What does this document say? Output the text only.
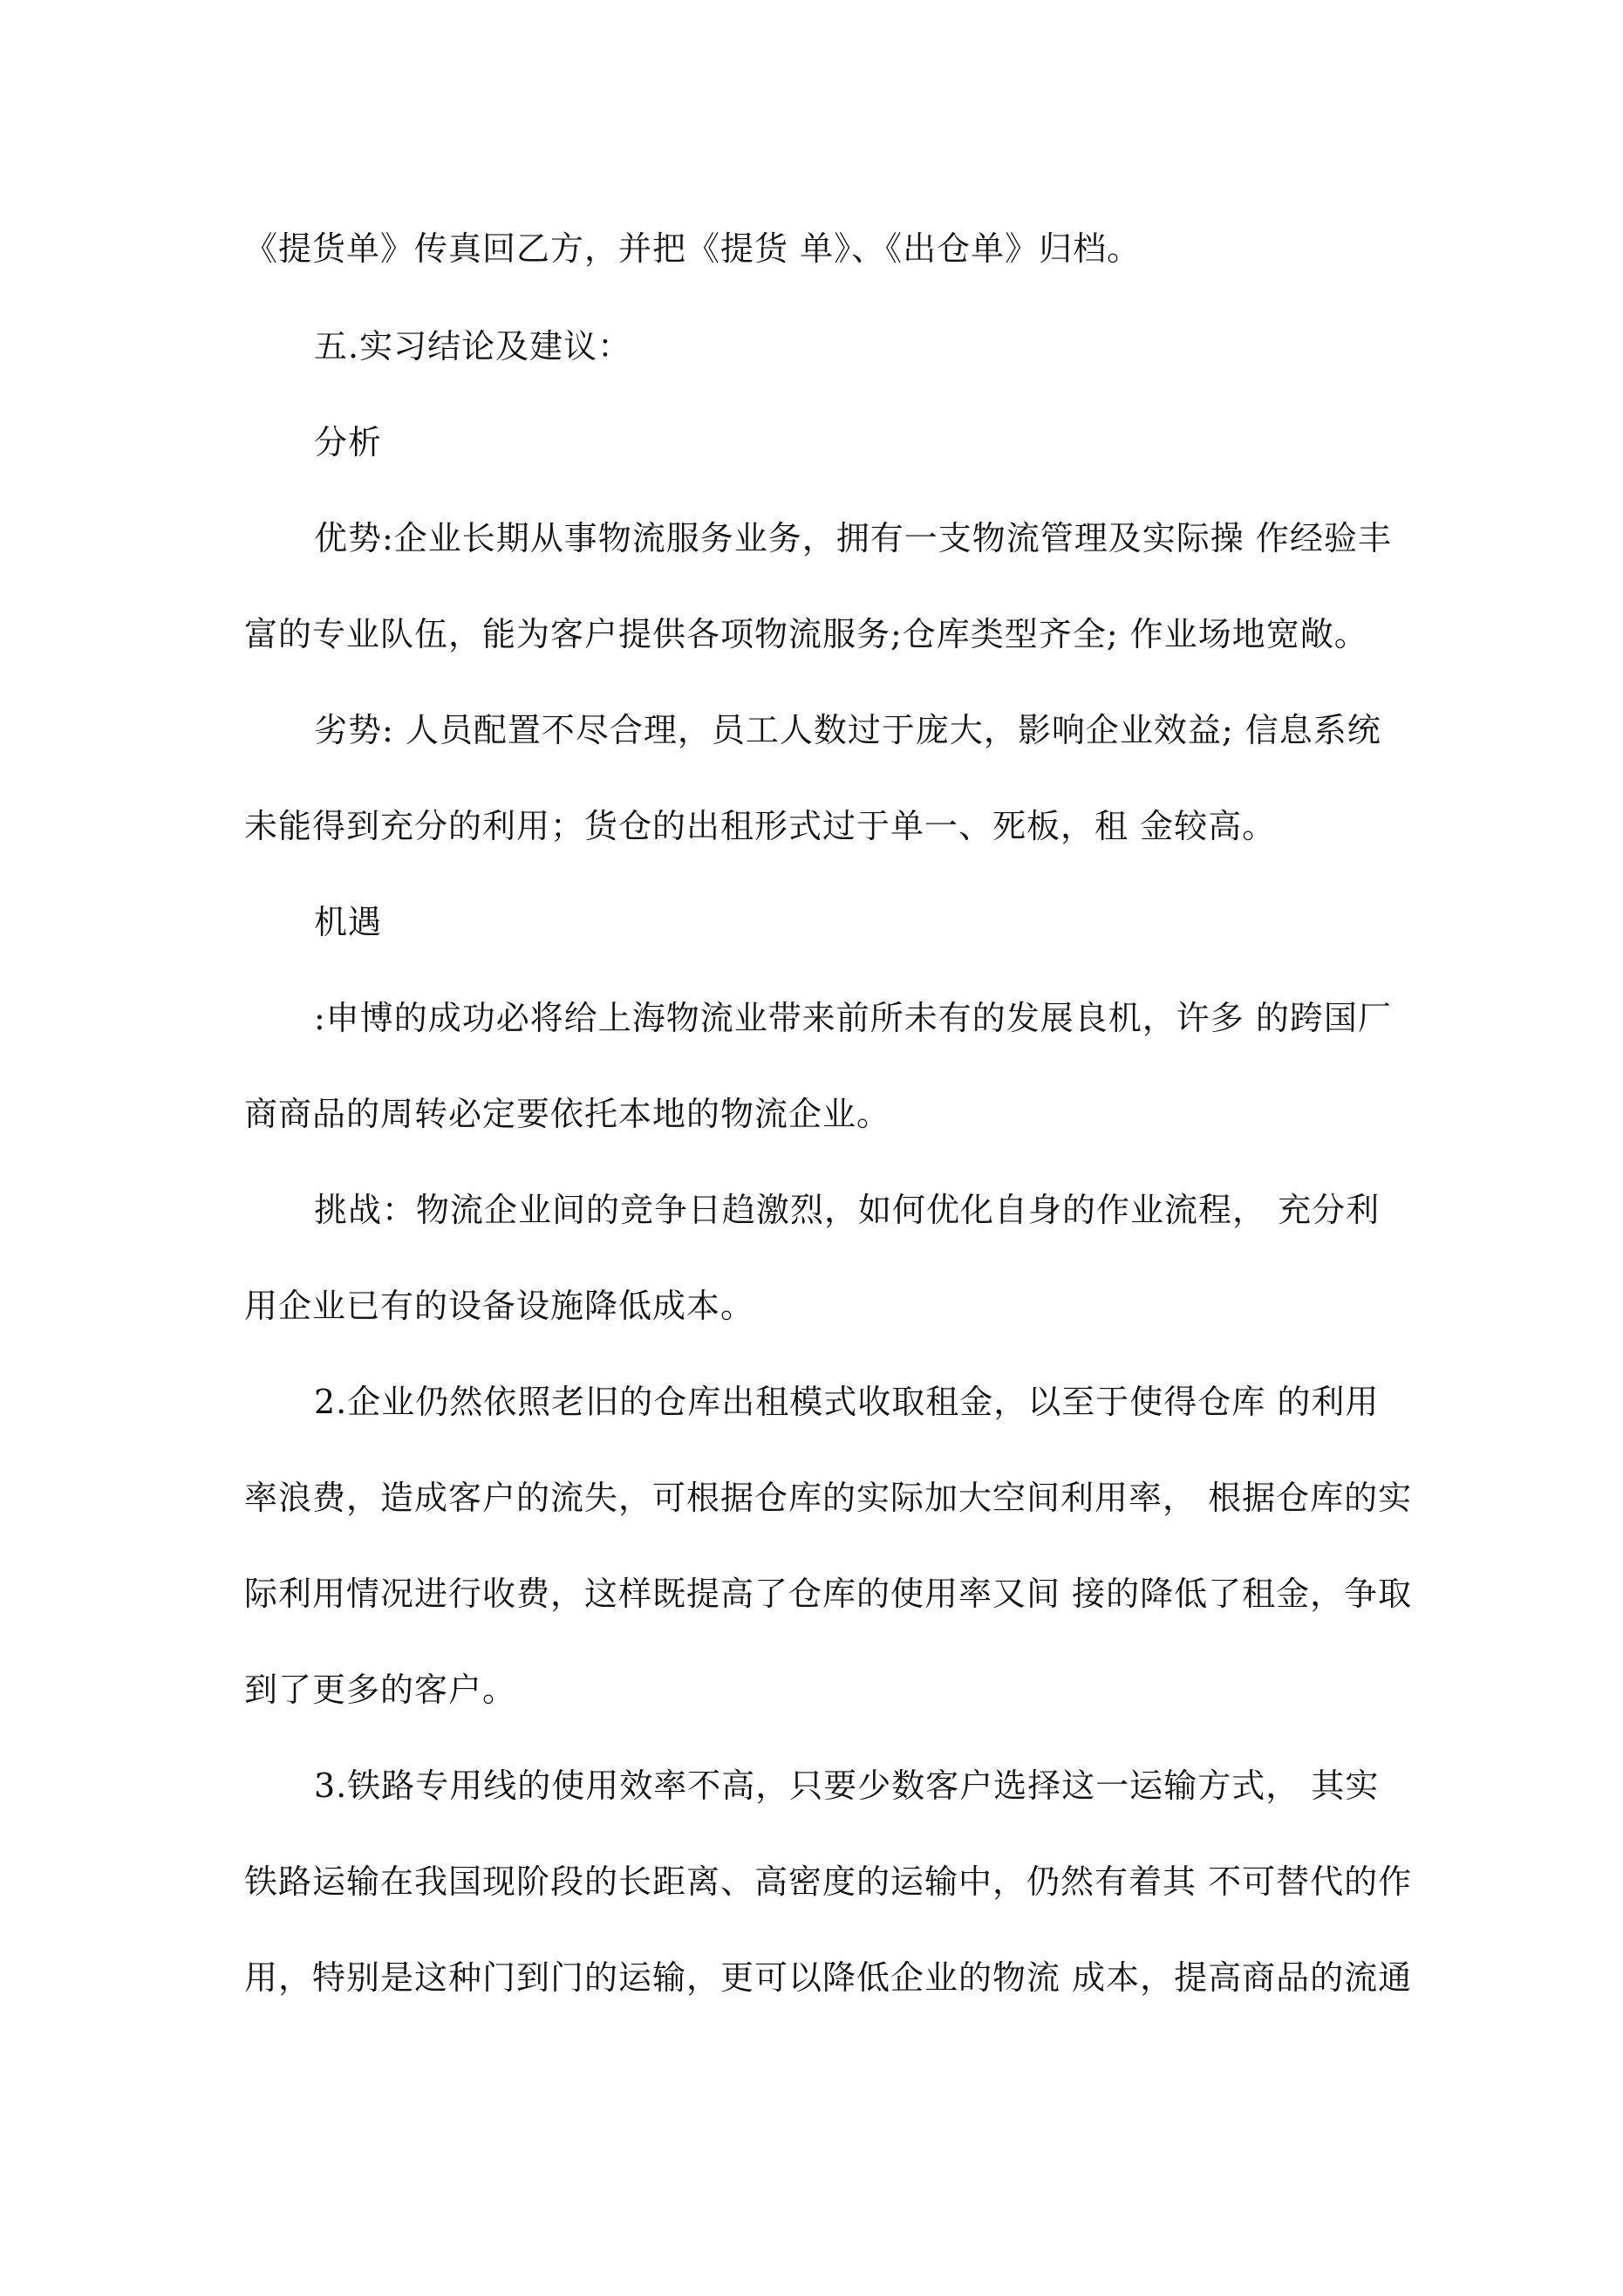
《提货单》传真回乙方，并把《提货 单》、《出仓单》归档。
五.实习结论及建议：
分析
优势:企业长期从事物流服务业务，拥有一支物流管理及实际操 作经验丰
富的专业队伍，能为客户提供各项物流服务;仓库类型齐全; 作业场地宽敞。
劣势: 人员配置不尽合理，员工人数过于庞大，影响企业效益; 信息系统
未能得到充分的利用；货仓的出租形式过于单一、死板，租 金较高。
机遇
:申博的成功必将给上海物流业带来前所未有的发展良机，许多 的跨国厂
商商品的周转必定要依托本地的物流企业。
挑战：物流企业间的竞争日趋激烈，如何优化自身的作业流程， 充分利
用企业已有的设备设施降低成本。
2.企业仍然依照老旧的仓库出租模式收取租金，以至于使得仓库 的利用
率浪费，造成客户的流失，可根据仓库的实际加大空间利用率， 根据仓库的实
际利用情况进行收费，这样既提高了仓库的使用率又间 接的降低了租金，争取
到了更多的客户。
3.铁路专用线的使用效率不高，只要少数客户选择这一运输方式， 其实
铁路运输在我国现阶段的长距离、高密度的运输中，仍然有着其 不可替代的作
用，特别是这种门到门的运输，更可以降低企业的物流 成本，提高商品的流通
